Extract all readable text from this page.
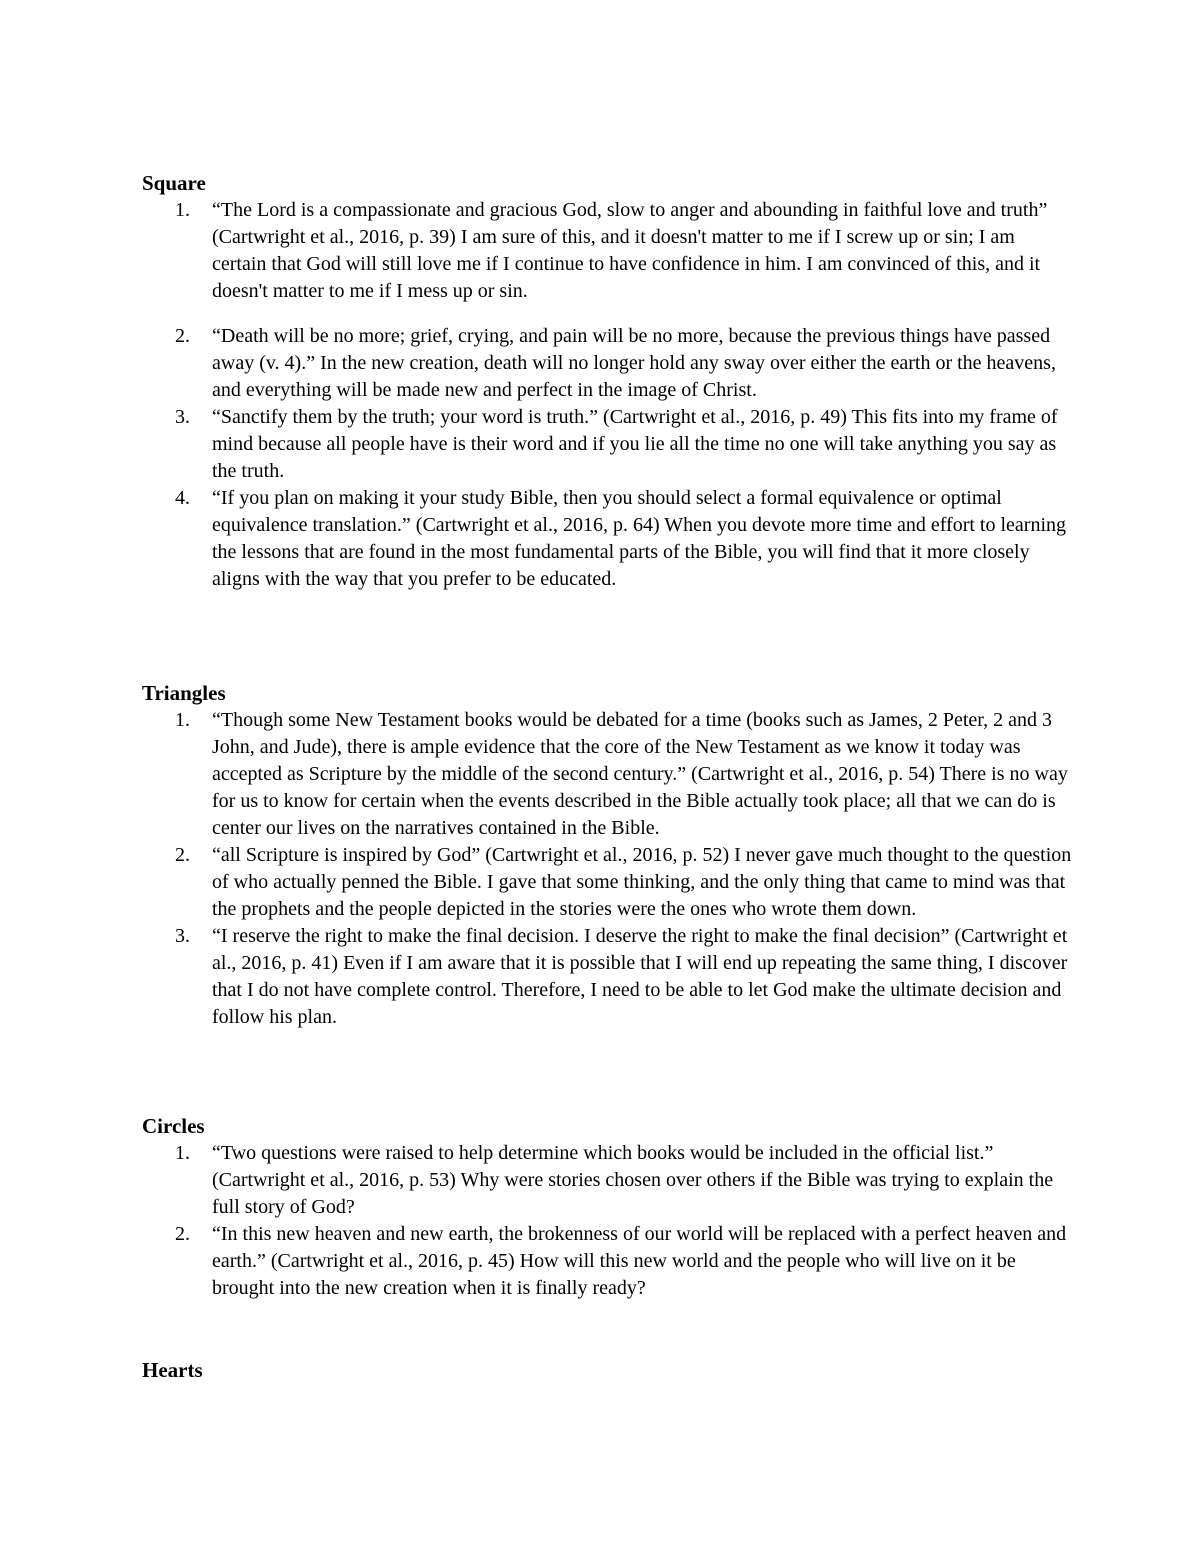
Square

1. “The Lord is a compassionate and gracious God, slow to anger and abounding in faithful love and truth” (Cartwright et al., 2016, p. 39) I am sure of this, and it doesn't matter to me if I screw up or sin; I am certain that God will still love me if I continue to have confidence in him. I am convinced of this, and it doesn't matter to me if I mess up or sin.
2. “Death will be no more; grief, crying, and pain will be no more, because the previous things have passed away (v. 4).” In the new creation, death will no longer hold any sway over either the earth or the heavens, and everything will be made new and perfect in the image of Christ.
3. “Sanctify them by the truth; your word is truth.” (Cartwright et al., 2016, p. 49) This fits into my frame of mind because all people have is their word and if you lie all the time no one will take anything you say as the truth.
4. “If you plan on making it your study Bible, then you should select a formal equivalence or optimal equivalence translation.” (Cartwright et al., 2016, p. 64) When you devote more time and effort to learning the lessons that are found in the most fundamental parts of the Bible, you will find that it more closely aligns with the way that you prefer to be educated.

Triangles

1. “Though some New Testament books would be debated for a time (books such as James, 2 Peter, 2 and 3 John, and Jude), there is ample evidence that the core of the New Testament as we know it today was accepted as Scripture by the middle of the second century.” (Cartwright et al., 2016, p. 54) There is no way for us to know for certain when the events described in the Bible actually took place; all that we can do is center our lives on the narratives contained in the Bible.
2. “all Scripture is inspired by God” (Cartwright et al., 2016, p. 52) I never gave much thought to the question of who actually penned the Bible. I gave that some thinking, and the only thing that came to mind was that the prophets and the people depicted in the stories were the ones who wrote them down.
3. “I reserve the right to make the final decision. I deserve the right to make the final decision” (Cartwright et al., 2016, p. 41) Even if I am aware that it is possible that I will end up repeating the same thing, I discover that I do not have complete control. Therefore, I need to be able to let God make the ultimate decision and follow his plan.

Circles

1. “Two questions were raised to help determine which books would be included in the official list.” (Cartwright et al., 2016, p. 53) Why were stories chosen over others if the Bible was trying to explain the full story of God?
2. “In this new heaven and new earth, the brokenness of our world will be replaced with a perfect heaven and earth.” (Cartwright et al., 2016, p. 45) How will this new world and the people who will live on it be brought into the new creation when it is finally ready?

Hearts
